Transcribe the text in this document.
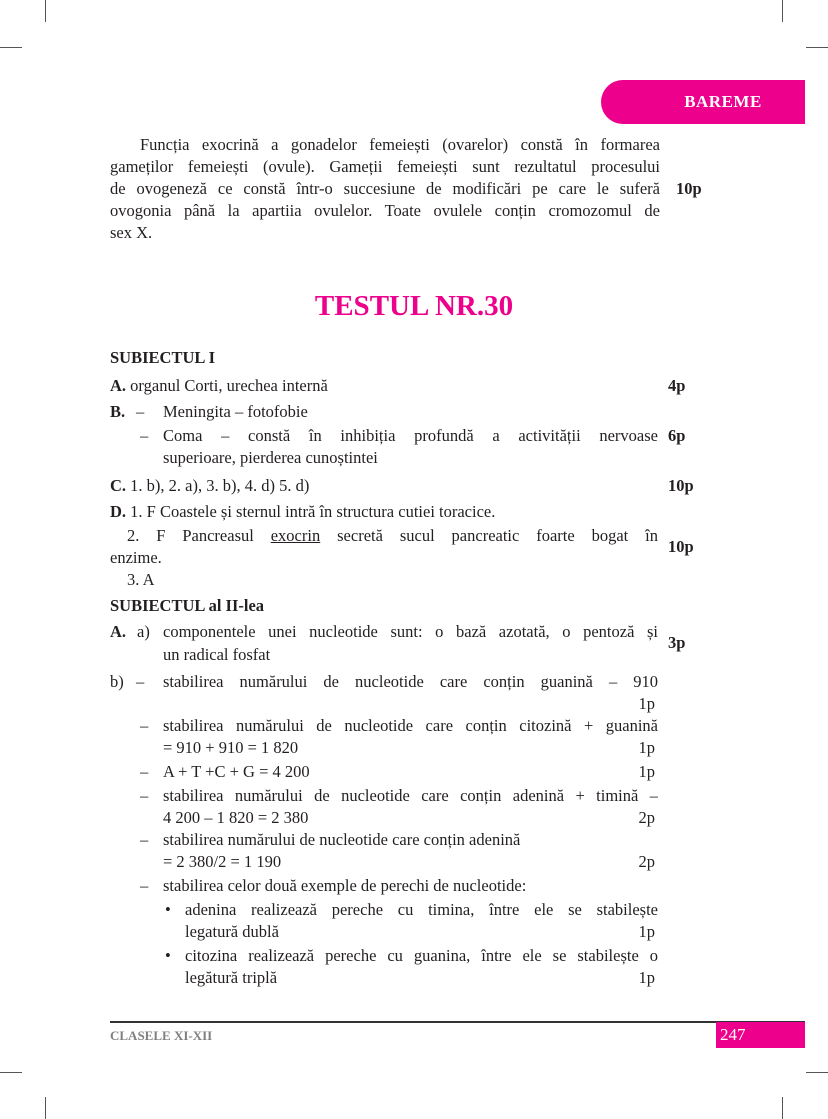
BAREME
Funcția exocrină a gonadelor femeiești (ovarelor) constă în formarea
gameților femeiești (ovule). Gameții femeiești sunt rezultatul procesului
de ovogeneză ce constă într-o succesiune de modificări pe care le suferă
ovogonia până la apartiia ovulelor. Toate ovulele conțin cromozomul de
sex X.
10p
TESTUL NR.30
SUBIECTUL I
A. organul Corti, urechea internă	4p
B. – Meningita – fotofobie
– Coma – constă în inhibiția profundă a activității nervoase
superioare, pierderea cunoștintei
6p
C. 1. b), 2. a), 3. b), 4. d) 5. d)	10p
D. 1. F Coastele și sternul intră în structura cutiei toracice.
2. F Pancreasul exocrin secretă sucul pancreatic foarte bogat în
enzime.
3. A
10p
SUBIECTUL al II-lea
A. a) componentele unei nucleotide sunt: o bază azotată, o pentoză și
un radical fosfat
3p
b) – stabilirea numărului de nucleotide care conțin guanină – 910
1p
– stabilirea numărului de nucleotide care conțin citozină + guanină
= 910 + 910 = 1 820	1p
– A + T +C + G = 4 200	1p
– stabilirea numărului de nucleotide care conțin adenină + timină –
4 200 – 1 820 = 2 380	2p
– stabilirea numărului de nucleotide care conțin adenină
= 2 380/2 = 1 190	2p
– stabilirea celor două exemple de perechi de nucleotide:
• adenina realizează pereche cu timina, între ele se stabilește
legatură dublă	1p
• citozina realizează pereche cu guanina, între ele se stabilește o
legătură triplă	1p
CLASELE XI-XII	247
